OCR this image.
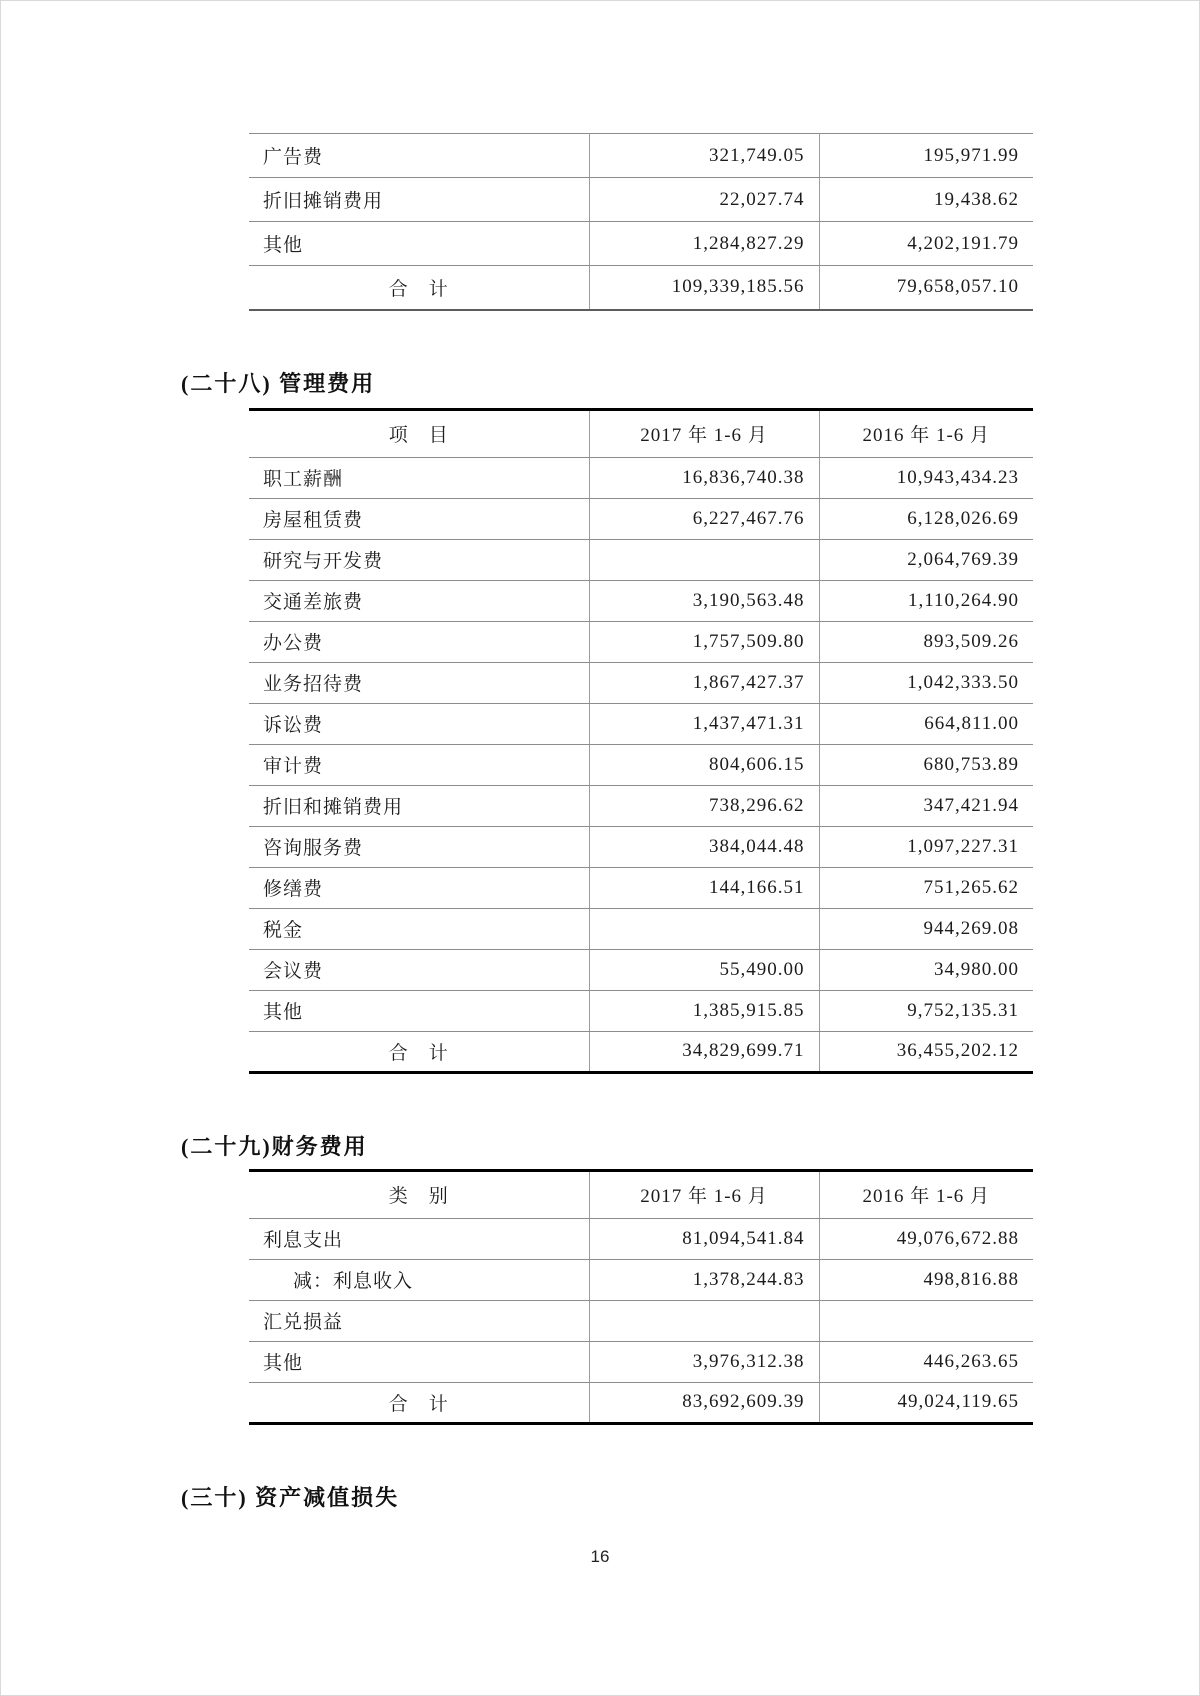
广告费	321,749.05	195,971.99
折旧摊销费用	22,027.74	19,438.62
其他	1,284,827.29	4,202,191.79
合　计	109,339,185.56	79,658,057.10
(二十八) 管理费用
项　目	2017 年 1-6 月	2016 年 1-6 月
职工薪酬	16,836,740.38	10,943,434.23
房屋租赁费	6,227,467.76	6,128,026.69
研究与开发费		2,064,769.39
交通差旅费	3,190,563.48	1,110,264.90
办公费	1,757,509.80	893,509.26
业务招待费	1,867,427.37	1,042,333.50
诉讼费	1,437,471.31	664,811.00
审计费	804,606.15	680,753.89
折旧和摊销费用	738,296.62	347,421.94
咨询服务费	384,044.48	1,097,227.31
修缮费	144,166.51	751,265.62
税金		944,269.08
会议费	55,490.00	34,980.00
其他	1,385,915.85	9,752,135.31
合　计	34,829,699.71	36,455,202.12
(二十九)财务费用
类　别	2017 年 1-6 月	2016 年 1-6 月
利息支出	81,094,541.84	49,076,672.88
减：利息收入	1,378,244.83	498,816.88
汇兑损益		
其他	3,976,312.38	446,263.65
合　计	83,692,609.39	49,024,119.65
(三十) 资产减值损失
16
